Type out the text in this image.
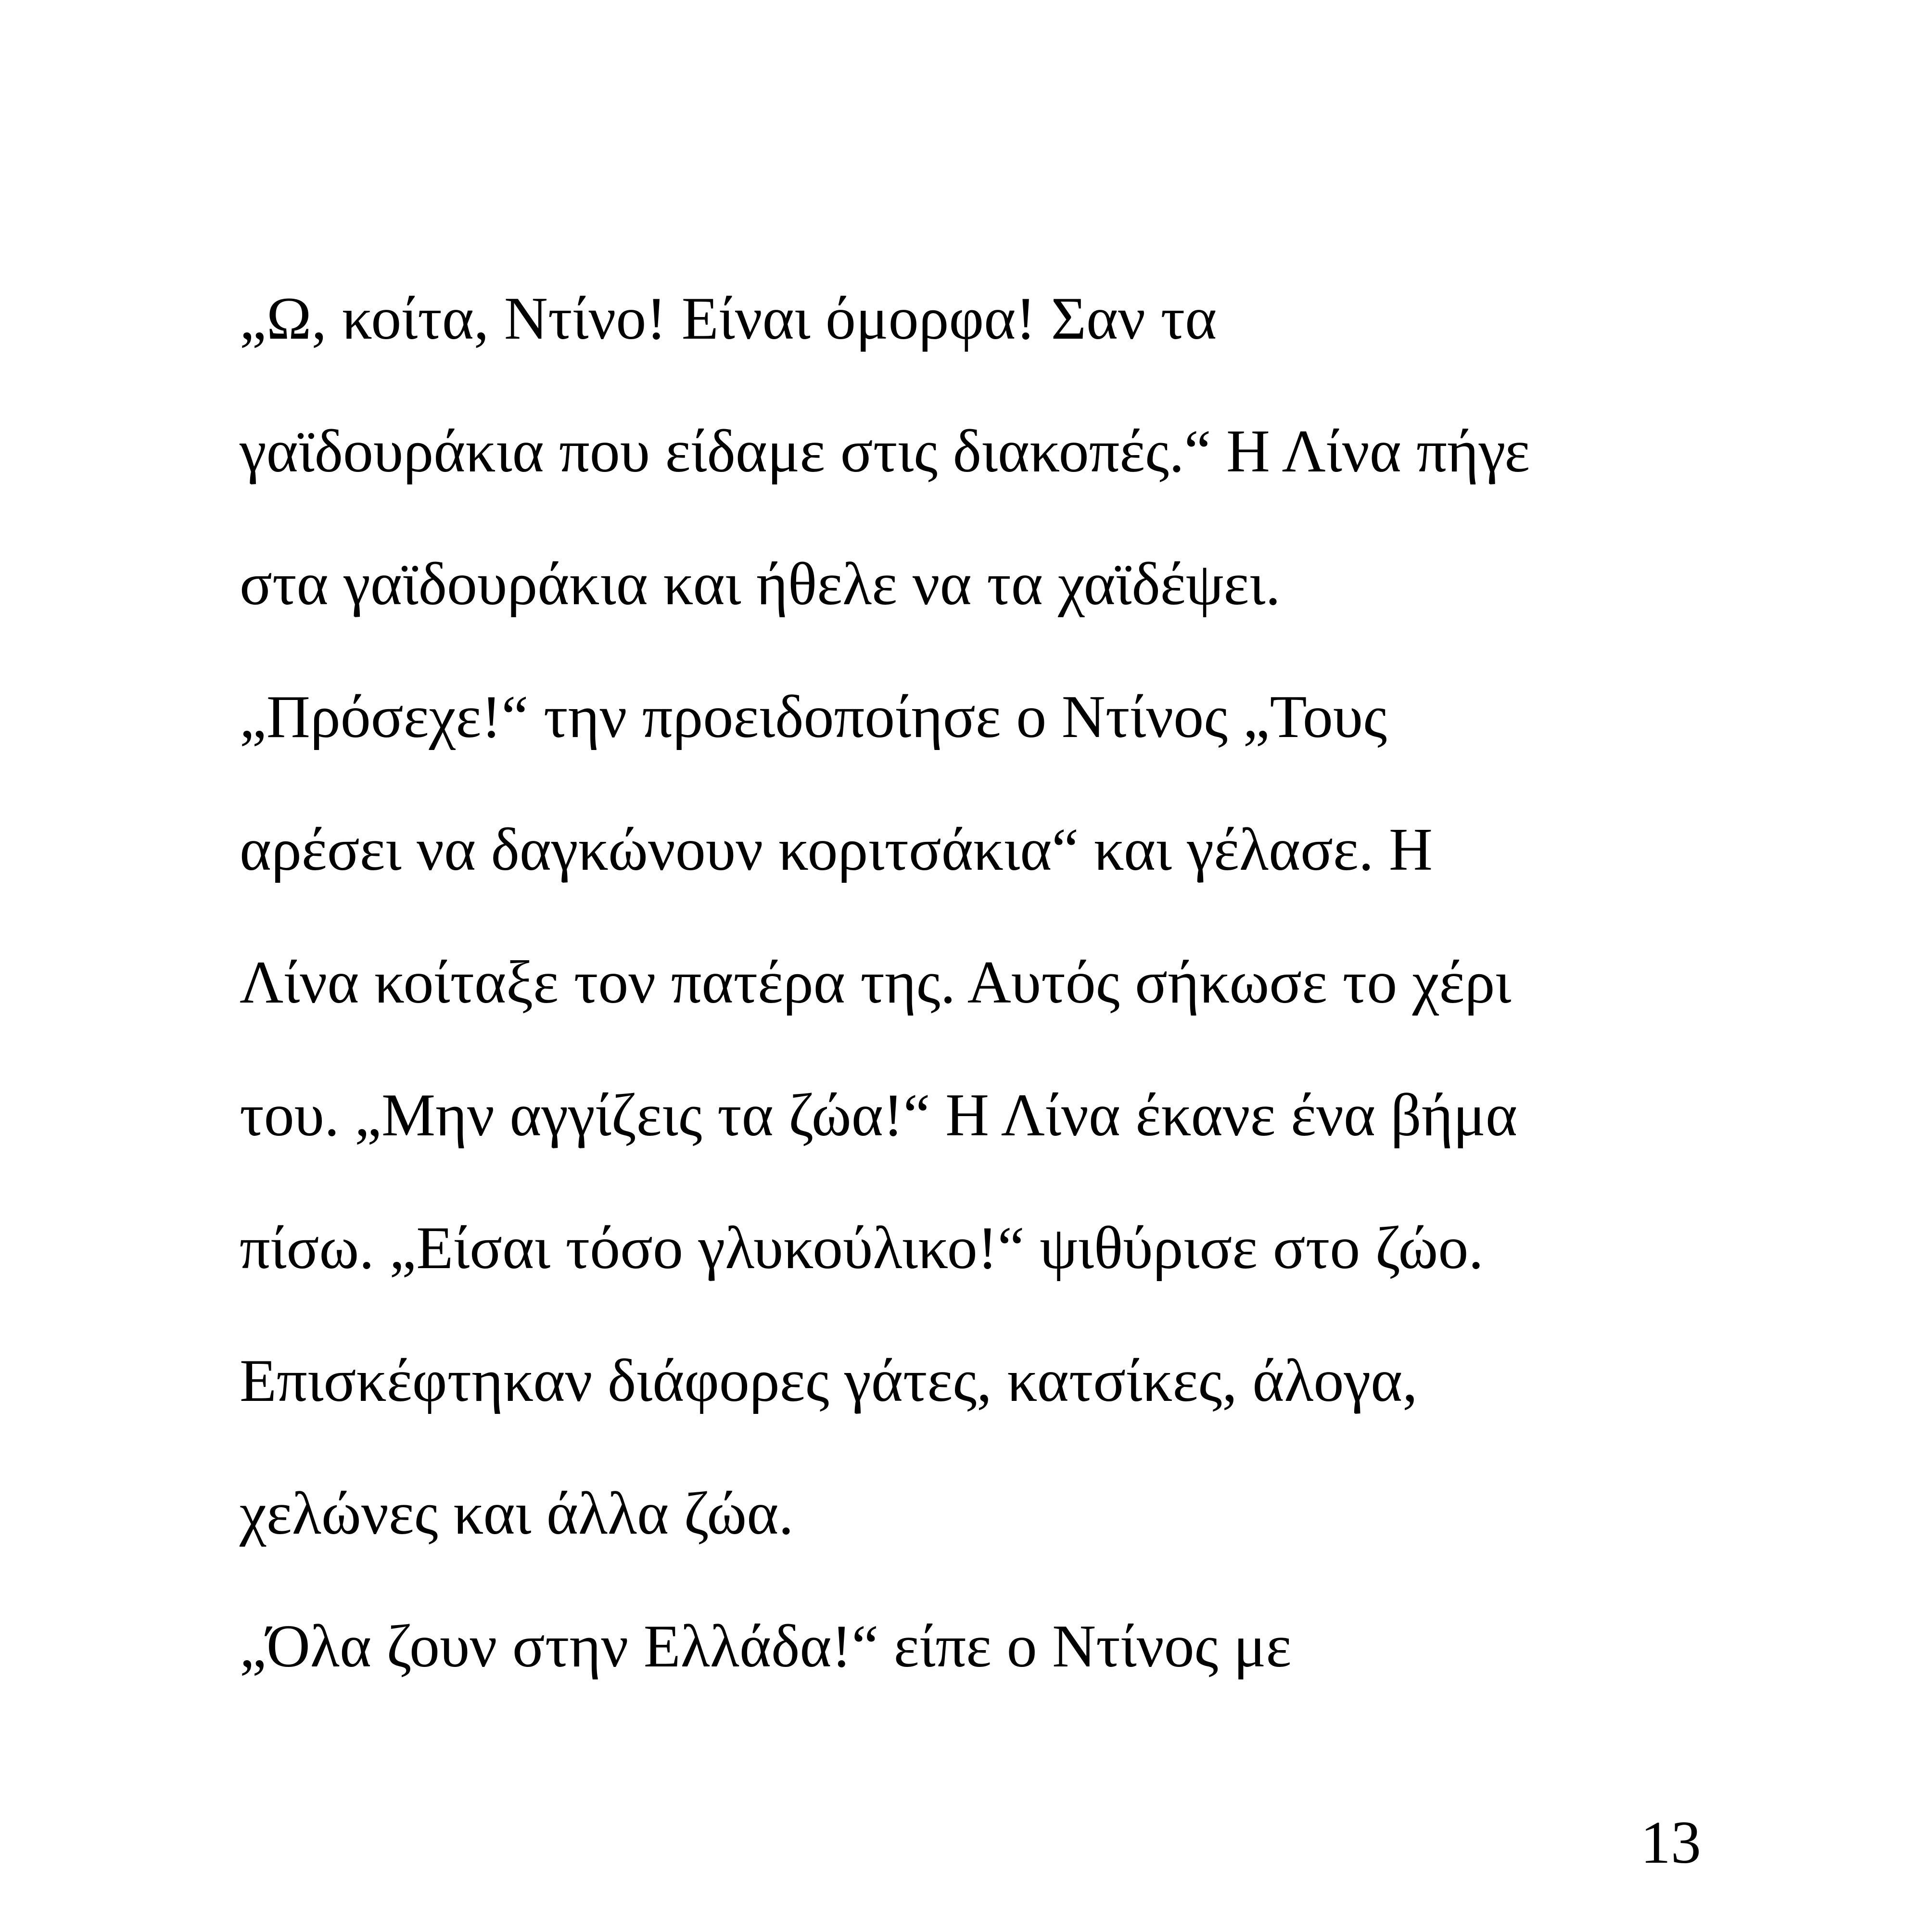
„Ω, κοίτα, Ντίνο! Είναι όμορφα! Σαν τα
γαϊδουράκια που είδαμε στις διακοπές.“ Η Λίνα πήγε
στα γαϊδουράκια και ήθελε να τα χαϊδέψει.
„Πρόσεχε!“ την προειδοποίησε ο Ντίνος „Τους
αρέσει να δαγκώνουν κοριτσάκια“ και γέλασε. Η
Λίνα κοίταξε τον πατέρα της. Αυτός σήκωσε το χέρι
του. „Μην αγγίζεις τα ζώα!“ Η Λίνα έκανε ένα βήμα
πίσω. „Είσαι τόσο γλυκούλικο!“ ψιθύρισε στο ζώο.
Επισκέφτηκαν διάφορες γάτες, κατσίκες, άλογα,
χελώνες και άλλα ζώα.
„Όλα ζουν στην Ελλάδα!“ είπε ο Ντίνος με
13
